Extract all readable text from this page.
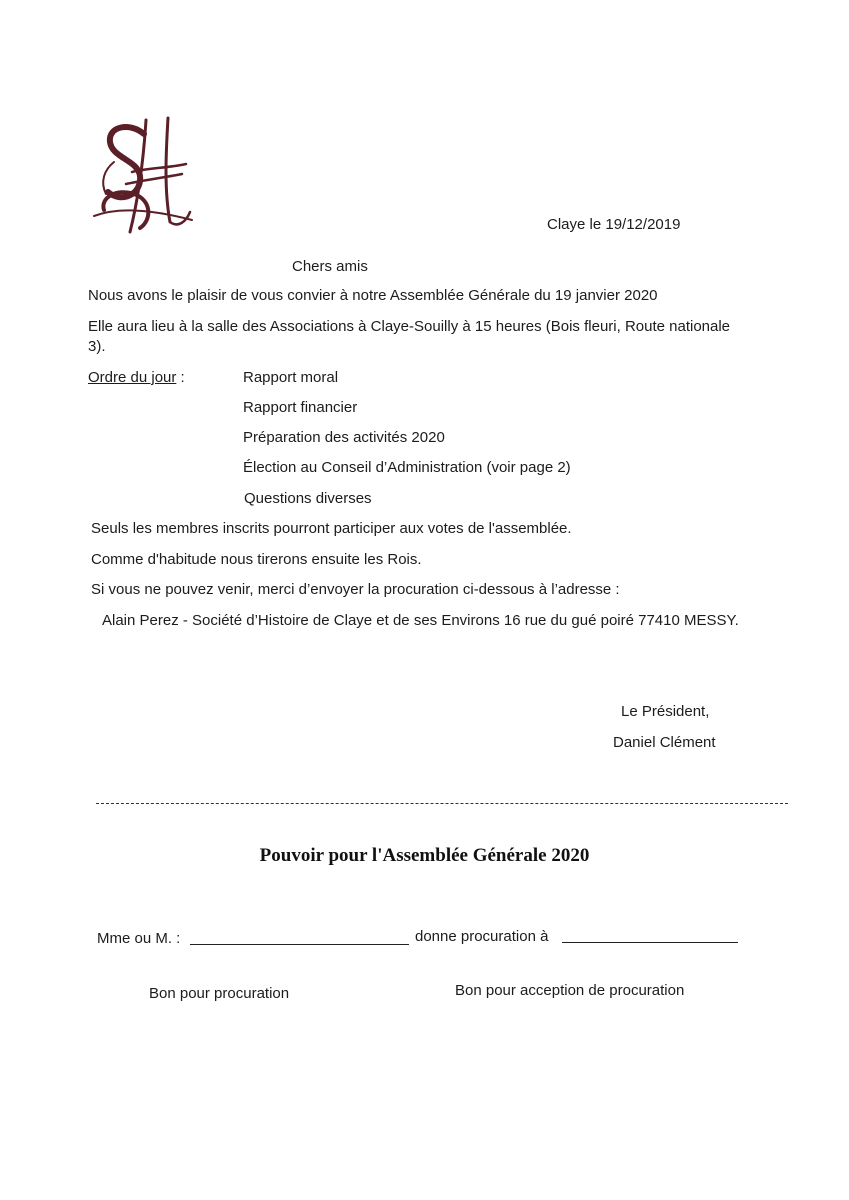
Claye le 19/12/2019
Chers amis
Nous avons le plaisir de vous convier à notre Assemblée Générale du 19 janvier 2020
Elle aura lieu à la salle des Associations à Claye-Souilly à 15 heures (Bois fleuri, Route nationale
3).
Ordre du jour :	Rapport moral
Rapport financier
Préparation des activités 2020
Élection au Conseil d’Administration (voir page 2)
Questions diverses
Seuls les membres inscrits pourront participer aux votes de l'assemblée.
Comme d'habitude nous tirerons ensuite les Rois.
Si vous ne pouvez venir, merci d’envoyer la procuration ci-dessous à l’adresse :
Alain Perez - Société d’Histoire de Claye et de ses Environs 16 rue du gué poiré 77410 MESSY.
Le Président,
Daniel Clément
Pouvoir pour l'Assemblée Générale 2020
Mme ou M. :	donne procuration à
Bon pour procuration	Bon pour acception de procuration
